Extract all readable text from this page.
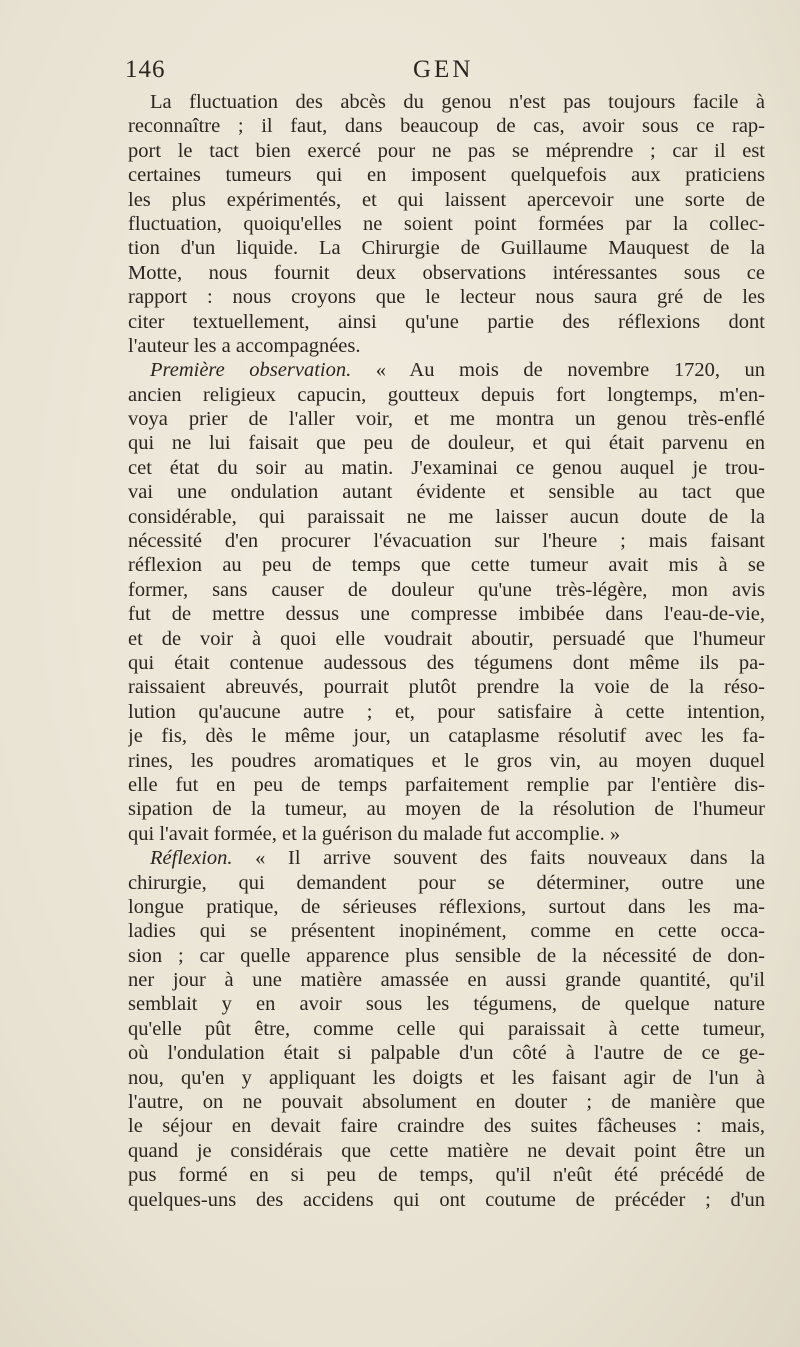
146	GEN
La fluctuation des abcès du genou n'est pas toujours facile à
reconnaître ; il faut, dans beaucoup de cas, avoir sous ce rap-
port le tact bien exercé pour ne pas se méprendre ; car il est
certaines tumeurs qui en imposent quelquefois aux praticiens
les plus expérimentés, et qui laissent apercevoir une sorte de
fluctuation, quoiqu'elles ne soient point formées par la collec-
tion d'un liquide. La Chirurgie de Guillaume Mauquest de la
Motte, nous fournit deux observations intéressantes sous ce
rapport : nous croyons que le lecteur nous saura gré de les
citer textuellement, ainsi qu'une partie des réflexions dont
l'auteur les a accompagnées.
Première observation. « Au mois de novembre 1720, un
ancien religieux capucin, goutteux depuis fort longtemps, m'en-
voya prier de l'aller voir, et me montra un genou très-enflé
qui ne lui faisait que peu de douleur, et qui était parvenu en
cet état du soir au matin. J'examinai ce genou auquel je trou-
vai une ondulation autant évidente et sensible au tact que
considérable, qui paraissait ne me laisser aucun doute de la
nécessité d'en procurer l'évacuation sur l'heure ; mais faisant
réflexion au peu de temps que cette tumeur avait mis à se
former, sans causer de douleur qu'une très-légère, mon avis
fut de mettre dessus une compresse imbibée dans l'eau-de-vie,
et de voir à quoi elle voudrait aboutir, persuadé que l'humeur
qui était contenue audessous des tégumens dont même ils pa-
raissaient abreuvés, pourrait plutôt prendre la voie de la réso-
lution qu'aucune autre ; et, pour satisfaire à cette intention,
je fis, dès le même jour, un cataplasme résolutif avec les fa-
rines, les poudres aromatiques et le gros vin, au moyen duquel
elle fut en peu de temps parfaitement remplie par l'entière dis-
sipation de la tumeur, au moyen de la résolution de l'humeur
qui l'avait formée, et la guérison du malade fut accomplie. »
Réflexion. « Il arrive souvent des faits nouveaux dans la
chirurgie, qui demandent pour se déterminer, outre une
longue pratique, de sérieuses réflexions, surtout dans les ma-
ladies qui se présentent inopinément, comme en cette occa-
sion ; car quelle apparence plus sensible de la nécessité de don-
ner jour à une matière amassée en aussi grande quantité, qu'il
semblait y en avoir sous les tégumens, de quelque nature
qu'elle pût être, comme celle qui paraissait à cette tumeur,
où l'ondulation était si palpable d'un côté à l'autre de ce ge-
nou, qu'en y appliquant les doigts et les faisant agir de l'un à
l'autre, on ne pouvait absolument en douter ; de manière que
le séjour en devait faire craindre des suites fâcheuses : mais,
quand je considérais que cette matière ne devait point être un
pus formé en si peu de temps, qu'il n'eût été précédé de
quelques-uns des accidens qui ont coutume de précéder ; d'un
